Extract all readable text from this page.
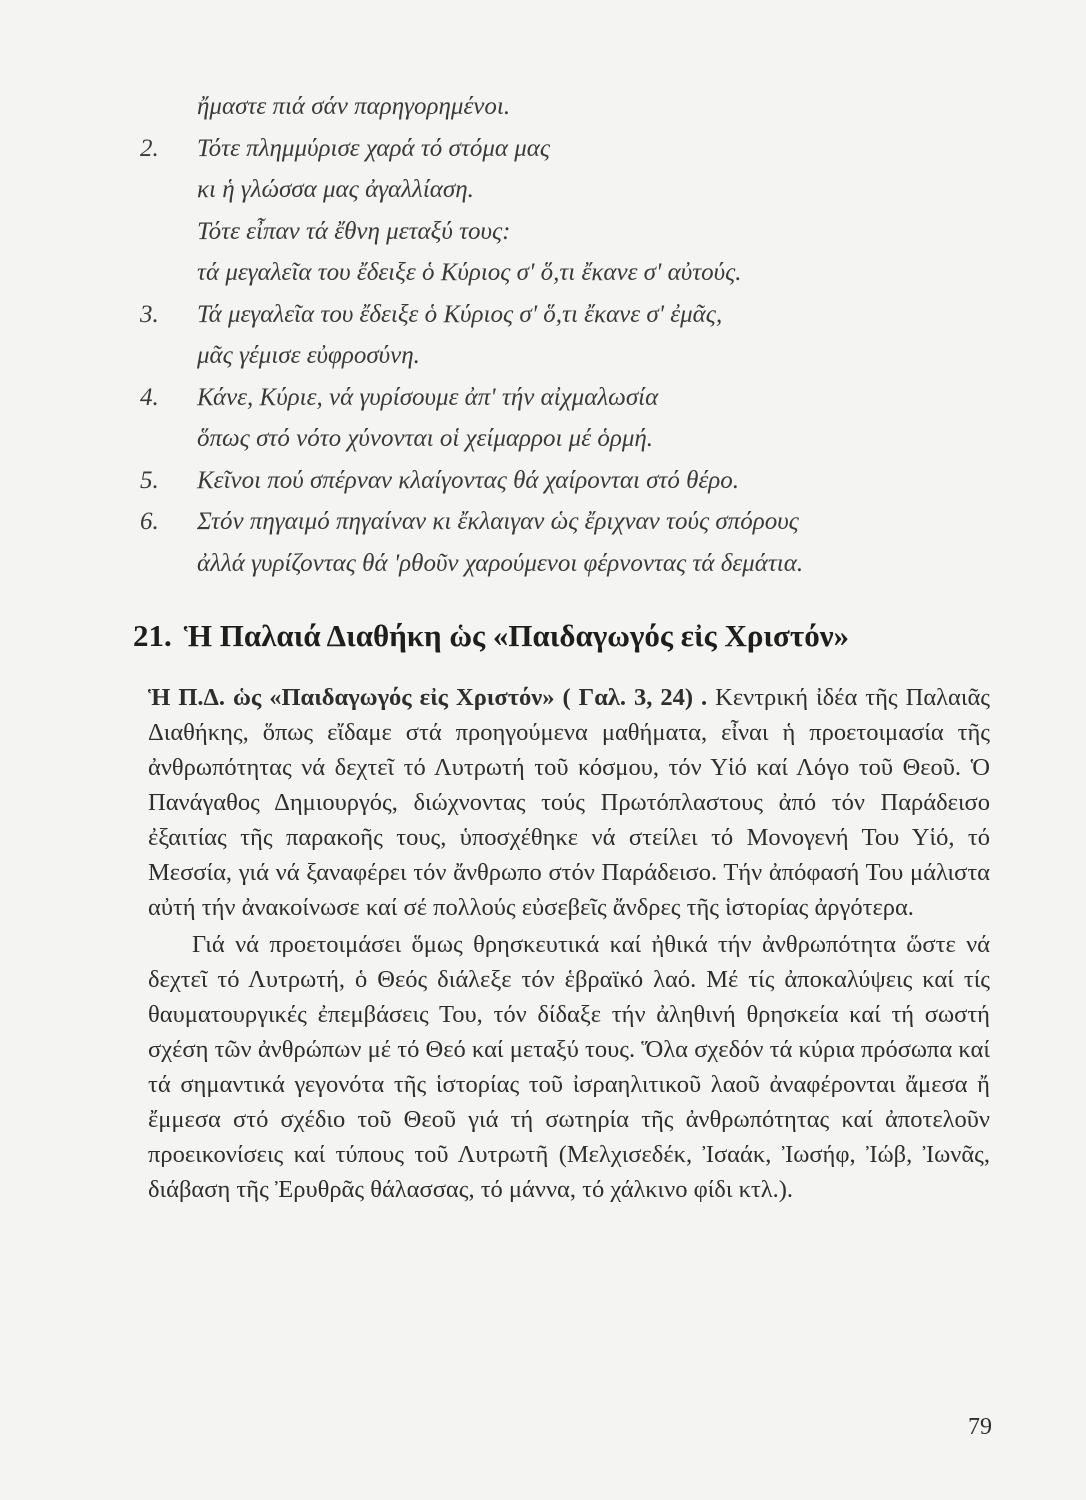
ἤμαστε πιά σάν παρηγορημένοι.
2.	Τότε πλημμύρισε χαρά τό στόμα μας
κι ἡ γλώσσα μας ἀγαλλίαση.
Τότε εἶπαν τά ἔθνη μεταξύ τους:
τά μεγαλεῖα του ἔδειξε ὁ Κύριος σ' ὅ,τι ἔκανε σ' αὐτούς.
3.	Τά μεγαλεῖα του ἔδειξε ὁ Κύριος σ' ὅ,τι ἔκανε σ' ἐμᾶς,
μᾶς γέμισε εὐφροσύνη.
4.	Κάνε, Κύριε, νά γυρίσουμε ἀπ' τήν αἰχμαλωσία
ὅπως στό νότο χύνονται οἱ χείμαρροι μέ ὁρμή.
5.	Κεῖνοι πού σπέρναν κλαίγοντας θά χαίρονται στό θέρο.
6.	Στόν πηγαιμό πηγαίναν κι ἔκλαιγαν ὡς ἔριχναν τούς σπόρους
ἀλλά γυρίζοντας θά 'ρθοῦν χαρούμενοι φέρνοντας τά δεμάτια.
21. Ἡ Παλαιά Διαθήκη ὡς «Παιδαγωγός εἰς Χριστόν»

Ἡ Π.Δ. ὡς «Παιδαγωγός εἰς Χριστόν» ( Γαλ. 3, 24) . Κεντρική ἰδέα τῆς Παλαιᾶς Διαθήκης, ὅπως εἴδαμε στά προηγούμενα μαθήματα, εἶναι ἡ προετοιμασία τῆς ἀνθρωπότητας νά δεχτεῖ τό Λυτρωτή τοῦ κόσμου, τόν Υἱό καί Λόγο τοῦ Θεοῦ. Ὁ Πανάγαθος Δημιουργός, διώχνοντας τούς Πρωτόπλαστους ἀπό τόν Παράδεισο ἐξαιτίας τῆς παρακοῆς τους, ὑποσχέθηκε νά στείλει τό Μονογενή Του Υἱό, τό Μεσσία, γιά νά ξαναφέρει τόν ἄνθρωπο στόν Παράδεισο. Τήν ἀπόφασή Του μάλιστα αὐτή τήν ἀνακοίνωσε καί σέ πολλούς εὐσεβεῖς ἄνδρες τῆς ἱστορίας ἀργότερα.

Γιά νά προετοιμάσει ὅμως θρησκευτικά καί ἠθικά τήν ἀνθρωπότητα ὥστε νά δεχτεῖ τό Λυτρωτή, ὁ Θεός διάλεξε τόν ἑβραϊκό λαό. Μέ τίς ἀποκαλύψεις καί τίς θαυματουργικές ἐπεμβάσεις Του, τόν δίδαξε τήν ἀληθινή θρησκεία καί τή σωστή σχέση τῶν ἀνθρώπων μέ τό Θεό καί μεταξύ τους. Ὅλα σχεδόν τά κύρια πρόσωπα καί τά σημαντικά γεγονότα τῆς ἱστορίας τοῦ ἰσραηλιτικοῦ λαοῦ ἀναφέρονται ἄμεσα ἤ ἔμμεσα στό σχέδιο τοῦ Θεοῦ γιά τή σωτηρία τῆς ἀνθρωπότητας καί ἀποτελοῦν προεικονίσεις καί τύπους τοῦ Λυτρωτῆ (Μελχισεδέκ, Ἰσαάκ, Ἰωσήφ, Ἰώβ, Ἰωνᾶς, διάβαση τῆς Ἐρυθρᾶς θάλασσας, τό μάννα, τό χάλκινο φίδι κτλ.).

79
